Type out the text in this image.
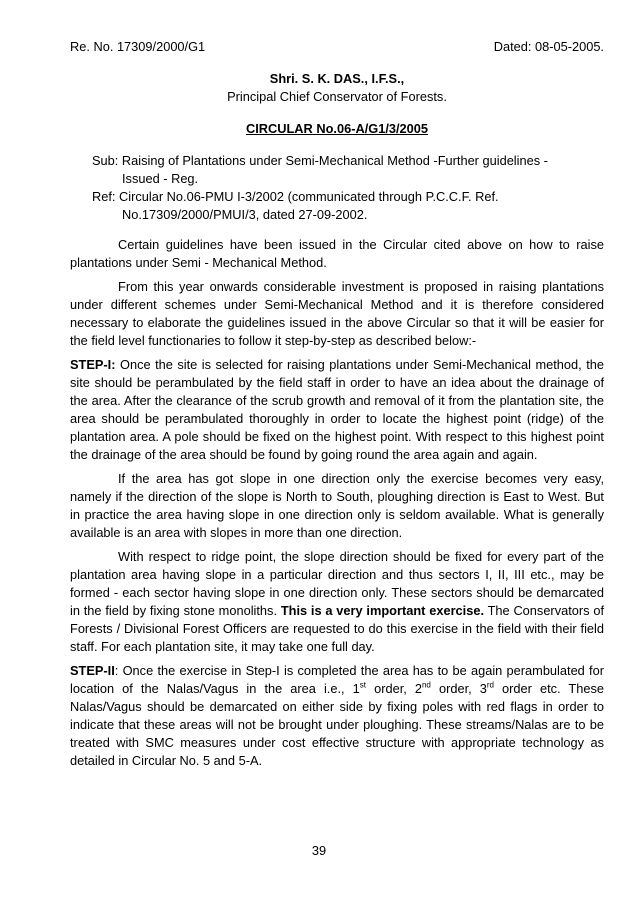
Re. No. 17309/2000/G1	Dated: 08-05-2005.
Shri. S. K. DAS., I.F.S.,
Principal Chief Conservator of Forests.
CIRCULAR No.06-A/G1/3/2005
Sub: Raising of Plantations under Semi-Mechanical Method -Further guidelines -
Issued - Reg.
Ref: Circular No.06-PMU I-3/2002 (communicated through P.C.C.F. Ref.
No.17309/2000/PMUI/3, dated 27-09-2002.

Certain guidelines have been issued in the Circular cited above on how to raise plantations under Semi - Mechanical Method.

From this year onwards considerable investment is proposed in raising plantations under different schemes under Semi-Mechanical Method and it is therefore considered necessary to elaborate the guidelines issued in the above Circular so that it will be easier for the field level functionaries to follow it step-by-step as described below:-

STEP-I: Once the site is selected for raising plantations under Semi-Mechanical method, the site should be perambulated by the field staff in order to have an idea about the drainage of the area. After the clearance of the scrub growth and removal of it from the plantation site, the area should be perambulated thoroughly in order to locate the highest point (ridge) of the plantation area. A pole should be fixed on the highest point. With respect to this highest point the drainage of the area should be found by going round the area again and again.

If the area has got slope in one direction only the exercise becomes very easy, namely if the direction of the slope is North to South, ploughing direction is East to West. But in practice the area having slope in one direction only is seldom available. What is generally available is an area with slopes in more than one direction.

With respect to ridge point, the slope direction should be fixed for every part of the plantation area having slope in a particular direction and thus sectors I, II, III etc., may be formed - each sector having slope in one direction only. These sectors should be demarcated in the field by fixing stone monoliths. This is a very important exercise. The Conservators of Forests / Divisional Forest Officers are requested to do this exercise in the field with their field staff. For each plantation site, it may take one full day.

STEP-II: Once the exercise in Step-I is completed the area has to be again perambulated for location of the Nalas/Vagus in the area i.e., 1st order, 2nd order, 3rd order etc. These Nalas/Vagus should be demarcated on either side by fixing poles with red flags in order to indicate that these areas will not be brought under ploughing. These streams/Nalas are to be treated with SMC measures under cost effective structure with appropriate technology as detailed in Circular No. 5 and 5-A.

39
